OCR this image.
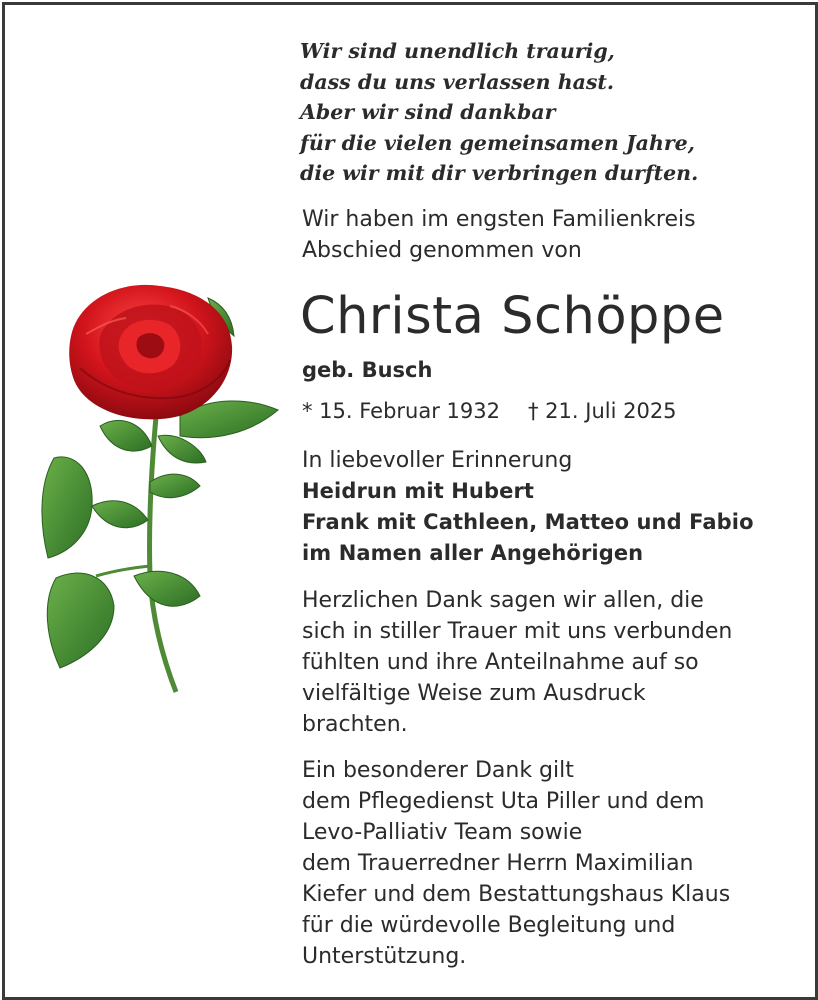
Wir sind unendlich traurig,
dass du uns verlassen hast.
Aber wir sind dankbar
für die vielen gemeinsamen Jahre,
die wir mit dir verbringen durften.
Wir haben im engsten Familienkreis
Abschied genommen von
Christa Schöppe
geb. Busch
* 15. Februar 1932 † 21. Juli 2025
In liebevoller Erinnerung
Heidrun mit Hubert
Frank mit Cathleen, Matteo und Fabio
im Namen aller Angehörigen
Herzlichen Dank sagen wir allen, die
sich in stiller Trauer mit uns verbunden
fühlten und ihre Anteilnahme auf so
vielfältige Weise zum Ausdruck
brachten.
Ein besonderer Dank gilt
dem Pflegedienst Uta Piller und dem
Levo-Palliativ Team sowie
dem Trauerredner Herrn Maximilian
Kiefer und dem Bestattungshaus Klaus
für die würdevolle Begleitung und
Unterstützung.
